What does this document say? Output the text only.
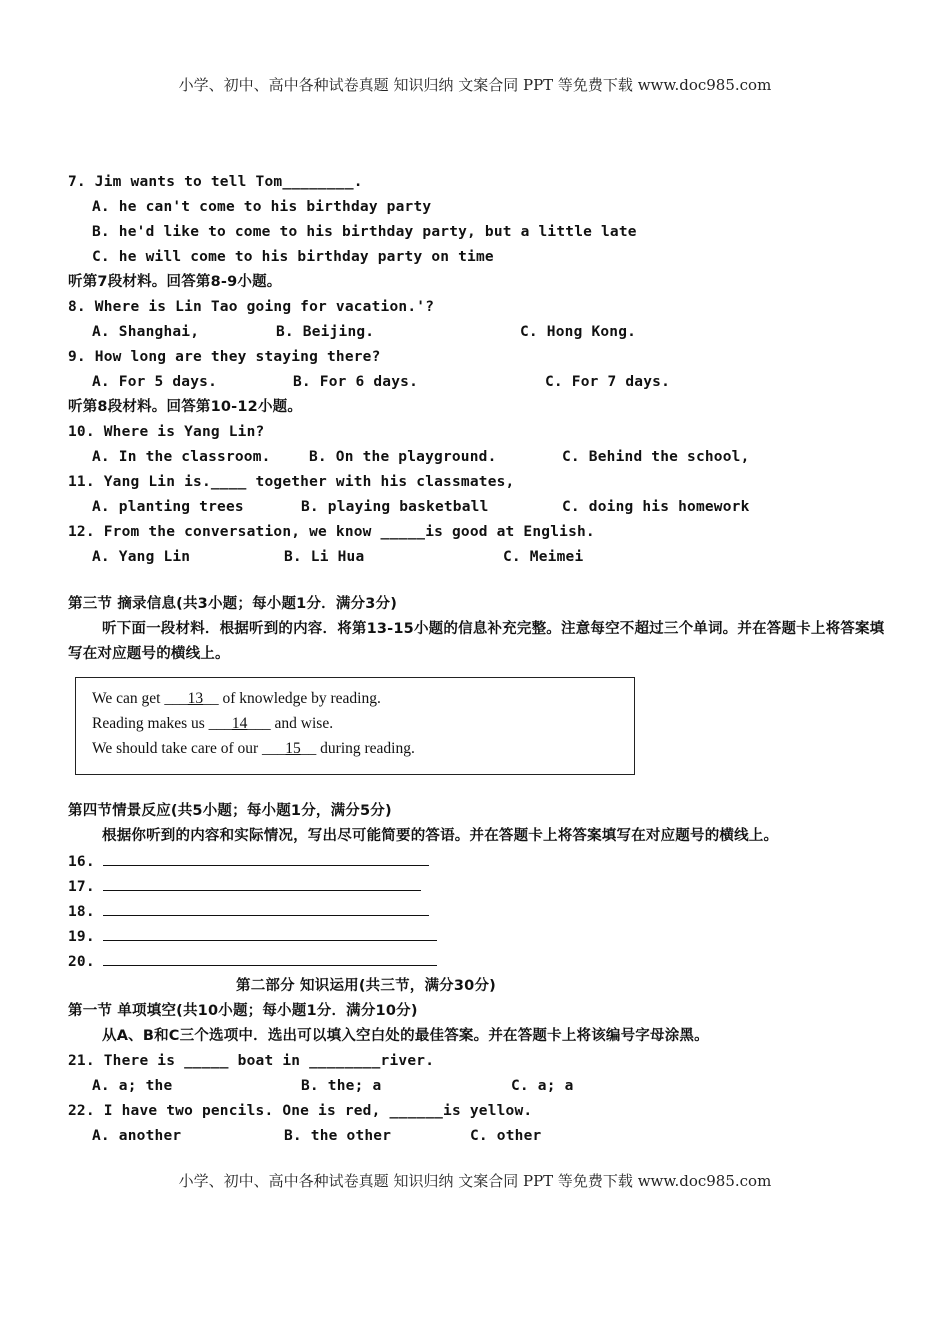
小学、初中、高中各种试卷真题 知识归纳 文案合同 PPT 等免费下载 www.doc985.com
7. Jim wants to tell Tom________.
A. he can't come to his birthday party
B. he'd like to come to his birthday party, but a little late
C. he will come to his birthday party on time
听第7段材料。回答第8-9小题。
8. Where is Lin Tao going for vacation.'?
A. Shanghai,	B. Beijing.	C. Hong Kong.
9. How long are they staying there?
A. For 5 days.	B. For 6 days.	C. For 7 days.
听第8段材料。回答第10-12小题。
10. Where is Yang Lin?
A. In the classroom.	B. On the playground.	C. Behind the school,
11. Yang Lin is.____ together with his classmates,
A. planting trees	B. playing basketball	C. doing his homework
12. From the conversation, we know _____is good at English.
A. Yang Lin	B. Li Hua	C. Meimei
第三节 摘录信息(共3小题；每小题1分．满分3分)
听下面一段材料．根据听到的内容．将第13-15小题的信息补充完整。注意每空不超过三个单词。并在答题卡上将答案填写在对应题号的横线上。
We can get ___13__ of knowledge by reading.
Reading makes us ___14___ and wise.
We should take care of our ___15__ during reading.
第四节情景反应(共5小题；每小题1分，满分5分)
根据你听到的内容和实际情况，写出尽可能简要的答语。并在答题卡上将答案填写在对应题号的横线上。
16.
17.
18.
19.
20.
第二部分 知识运用(共三节，满分30分)
第一节 单项填空(共10小题；每小题1分．满分10分)
从A、B和C三个选项中．选出可以填入空白处的最佳答案。并在答题卡上将该编号字母涂黑。
21. There is _____ boat in ________river.
A. a; the	B. the; a	C. a; a
22. I have two pencils. One is red, ______is yellow.
A. another	B. the other	C. other
小学、初中、高中各种试卷真题 知识归纳 文案合同 PPT 等免费下载 www.doc985.com
